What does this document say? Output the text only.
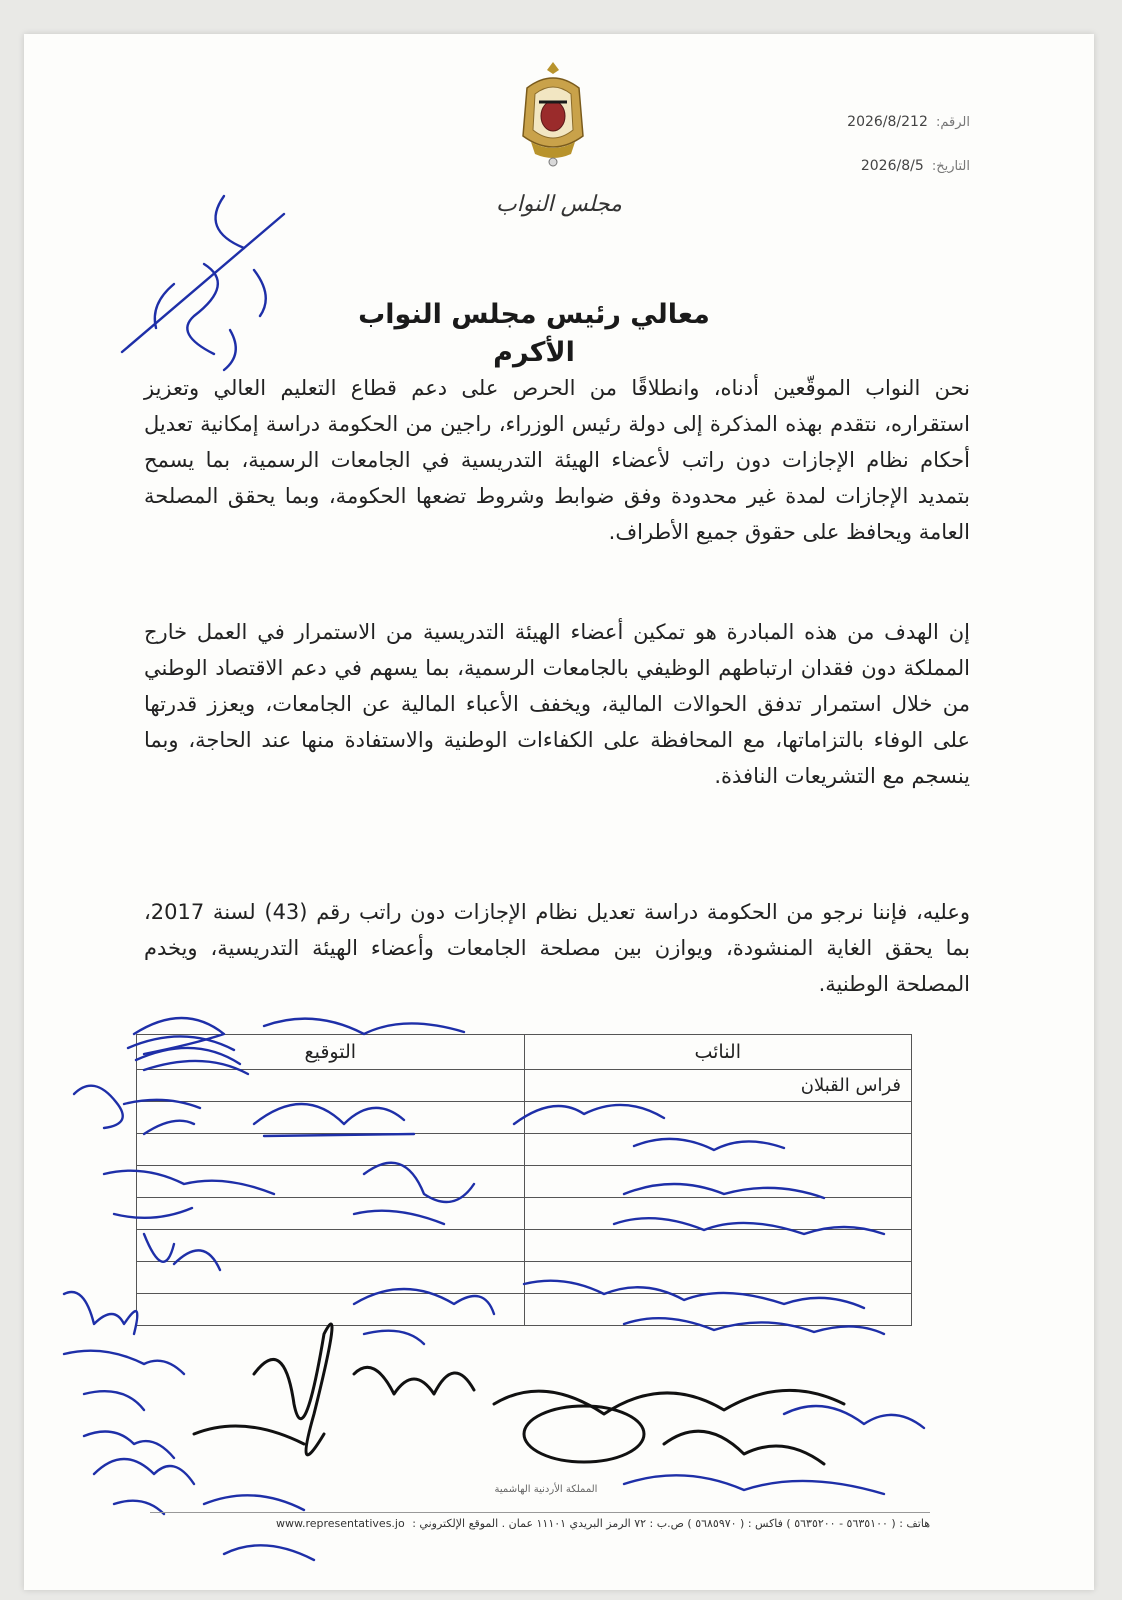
مجلس النواب
الرقم: 2026/8/212
التاريخ: 2026/8/5
معالي رئيس مجلس النواب الأكرم
نحن النواب الموقّعين أدناه، وانطلاقًا من الحرص على دعم قطاع التعليم العالي وتعزيز استقراره، نتقدم بهذه المذكرة إلى دولة رئيس الوزراء، راجين من الحكومة دراسة إمكانية تعديل أحكام نظام الإجازات دون راتب لأعضاء الهيئة التدريسية في الجامعات الرسمية، بما يسمح بتمديد الإجازات لمدة غير محدودة وفق ضوابط وشروط تضعها الحكومة، وبما يحقق المصلحة العامة ويحافظ على حقوق جميع الأطراف.
إن الهدف من هذه المبادرة هو تمكين أعضاء الهيئة التدريسية من الاستمرار في العمل خارج المملكة دون فقدان ارتباطهم الوظيفي بالجامعات الرسمية، بما يسهم في دعم الاقتصاد الوطني من خلال استمرار تدفق الحوالات المالية، ويخفف الأعباء المالية عن الجامعات، ويعزز قدرتها على الوفاء بالتزاماتها، مع المحافظة على الكفاءات الوطنية والاستفادة منها عند الحاجة، وبما ينسجم مع التشريعات النافذة.
وعليه، فإننا نرجو من الحكومة دراسة تعديل نظام الإجازات دون راتب رقم (43) لسنة 2017، بما يحقق الغاية المنشودة، ويوازن بين مصلحة الجامعات وأعضاء الهيئة التدريسية، ويخدم المصلحة الوطنية.
النائب	التوقيع
فراس القبلان	

المملكة الأردنية الهاشمية
هاتف : ( ٥٦٣٥١٠٠ - ٥٦٣٥٢٠٠ ) فاكس : ( ٥٦٨٥٩٧٠ ) ص.ب : ٧٢ الرمز البريدي ١١١٠١ عمان . الموقع الإلكتروني : www.representatives.jo
